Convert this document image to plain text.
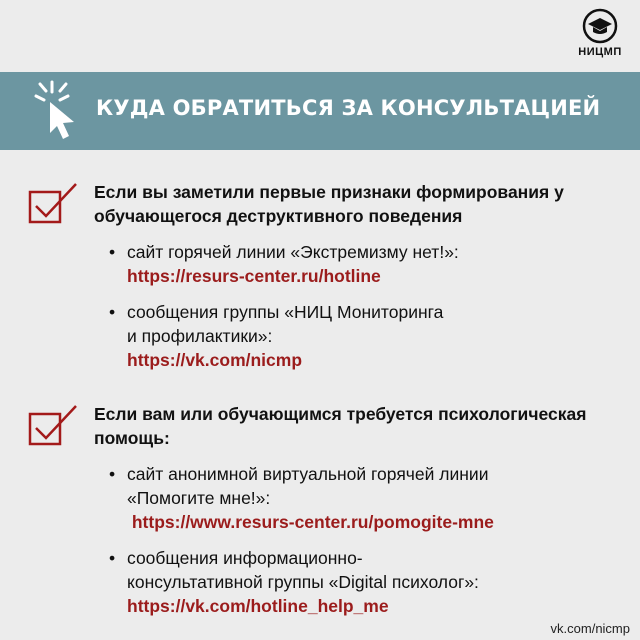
НИЦМП
КУДА ОБРАТИТЬСЯ ЗА КОНСУЛЬТАЦИЕЙ
Если вы заметили первые признаки формирования у обучающегося деструктивного поведения
• сайт горячей линии «Экстремизму нет!»:
https://resurs-center.ru/hotline
• сообщения группы «НИЦ Мониторинга
и профилактики»:
https://vk.com/nicmp
Если вам или обучающимся требуется психологическая помощь:
• сайт анонимной виртуальной горячей линии
«Помогите мне!»:
https://www.resurs-center.ru/pomogite-mne
• сообщения информационно-
консультативной группы «Digital психолог»:
https://vk.com/hotline_help_me
vk.com/nicmp
